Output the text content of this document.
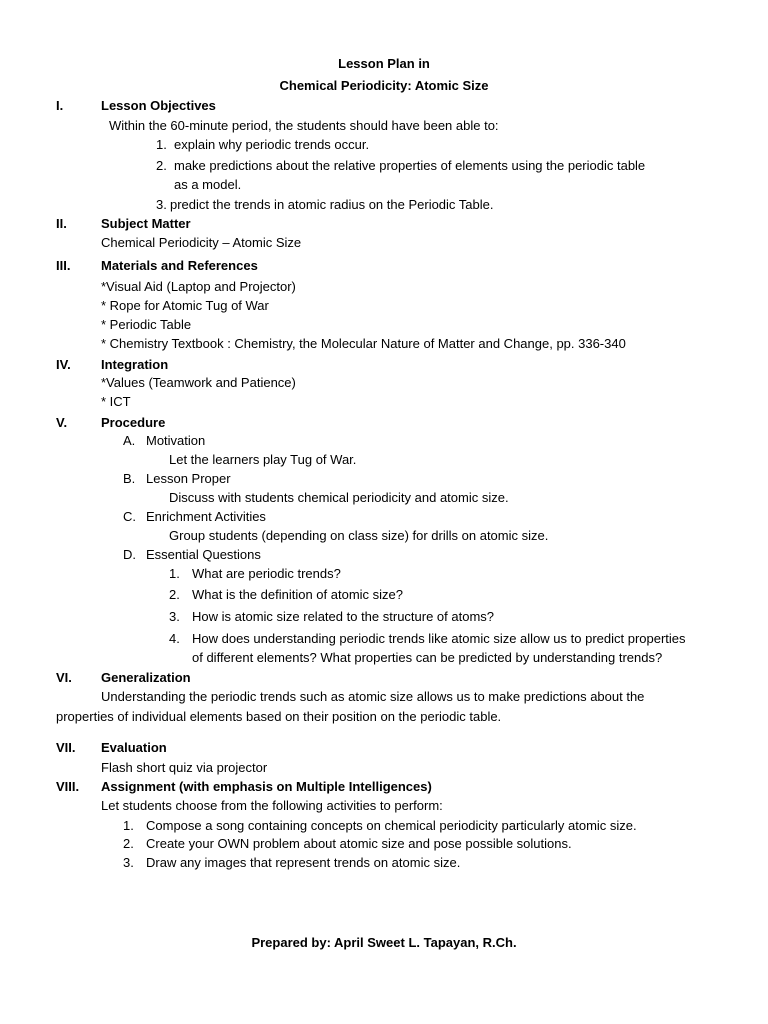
Lesson Plan in
Chemical Periodicity: Atomic Size
I.	Lesson Objectives
Within the 60-minute period, the students should have been able to:
1. explain why periodic trends occur.
2. make predictions about the relative properties of elements using the periodic table
as a model.
3. predict the trends in atomic radius on the Periodic Table.
II.	Subject Matter
Chemical Periodicity – Atomic Size
III. Materials and References
*Visual Aid (Laptop and Projector)
* Rope for Atomic Tug of War
* Periodic Table
* Chemistry Textbook : Chemistry, the Molecular Nature of Matter and Change, pp. 336-340
IV. Integration
*Values (Teamwork and Patience)
* ICT
V.	Procedure
A. Motivation
Let the learners play Tug of War.
B. Lesson Proper
Discuss with students chemical periodicity and atomic size.
C. Enrichment Activities
Group students (depending on class size) for drills on atomic size.
D. Essential Questions
1. What are periodic trends?
2. What is the definition of atomic size?
3. How is atomic size related to the structure of atoms?
4. How does understanding periodic trends like atomic size allow us to predict properties
of different elements? What properties can be predicted by understanding trends?
VI. Generalization
Understanding the periodic trends such as atomic size allows us to make predictions about the
properties of individual elements based on their position on the periodic table.
VII. Evaluation
Flash short quiz via projector
VIII. Assignment (with emphasis on Multiple Intelligences)
Let students choose from the following activities to perform:
1. Compose a song containing concepts on chemical periodicity particularly atomic size.
2. Create your OWN problem about atomic size and pose possible solutions.
3. Draw any images that represent trends on atomic size.
Prepared by: April Sweet L. Tapayan, R.Ch.
